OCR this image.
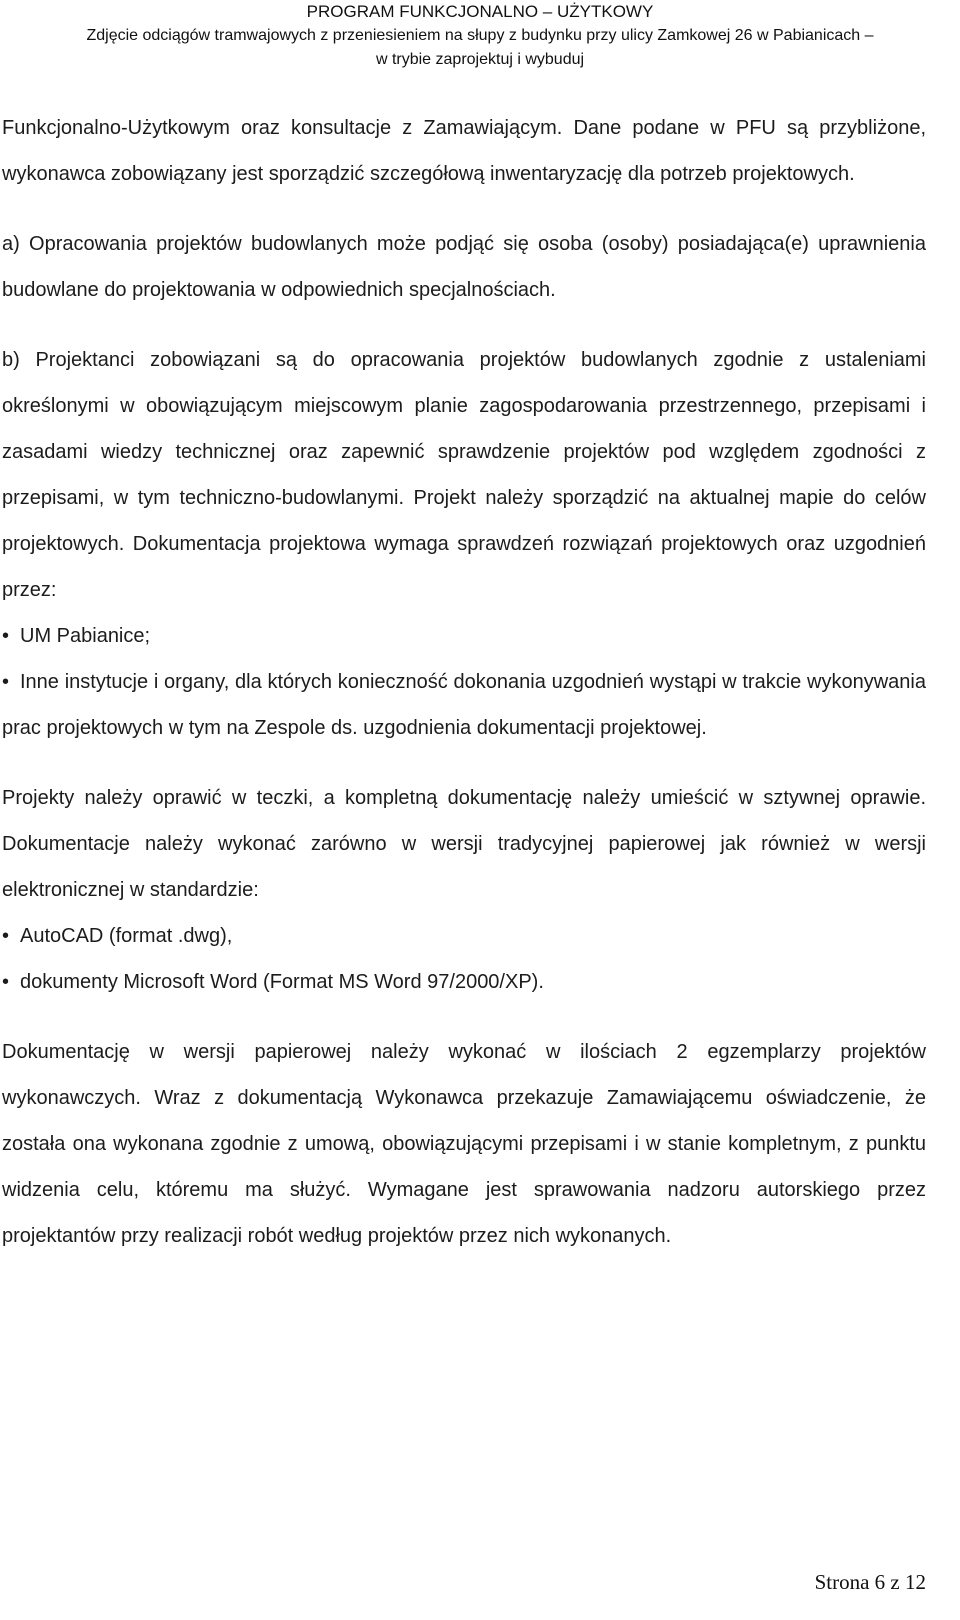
PROGRAM FUNKCJONALNO – UŻYTKOWY
Zdjęcie odciągów tramwajowych z przeniesieniem na słupy z budynku przy ulicy Zamkowej 26 w Pabianicach –
w trybie zaprojektuj i wybuduj

Funkcjonalno-Użytkowym oraz konsultacje z Zamawiającym. Dane podane w PFU są przybliżone, wykonawca zobowiązany jest sporządzić szczegółową inwentaryzację dla potrzeb projektowych.

a) Opracowania projektów budowlanych może podjąć się osoba (osoby) posiadająca(e) uprawnienia budowlane do projektowania w odpowiednich specjalnościach.

b) Projektanci zobowiązani są do opracowania projektów budowlanych zgodnie z ustaleniami określonymi w obowiązującym miejscowym planie zagospodarowania przestrzennego, przepisami i zasadami wiedzy technicznej oraz zapewnić sprawdzenie projektów pod względem zgodności z przepisami, w tym techniczno-budowlanymi. Projekt należy sporządzić na aktualnej mapie do celów projektowych. Dokumentacja projektowa wymaga sprawdzeń rozwiązań projektowych oraz uzgodnień przez:

• UM Pabianice;

• Inne instytucje i organy, dla których konieczność dokonania uzgodnień wystąpi w trakcie wykonywania prac projektowych w tym na Zespole ds. uzgodnienia dokumentacji projektowej.

Projekty należy oprawić w teczki, a kompletną dokumentację należy umieścić w sztywnej oprawie. Dokumentacje należy wykonać zarówno w wersji tradycyjnej papierowej jak również w wersji elektronicznej w standardzie:

• AutoCAD (format .dwg),

• dokumenty Microsoft Word (Format MS Word 97/2000/XP).

Dokumentację w wersji papierowej należy wykonać w ilościach 2 egzemplarzy projektów wykonawczych. Wraz z dokumentacją Wykonawca przekazuje Zamawiającemu oświadczenie, że została ona wykonana zgodnie z umową, obowiązującymi przepisami i w stanie kompletnym, z punktu widzenia celu, któremu ma służyć. Wymagane jest sprawowania nadzoru autorskiego przez projektantów przy realizacji robót według projektów przez nich wykonanych.

Strona 6 z 12
